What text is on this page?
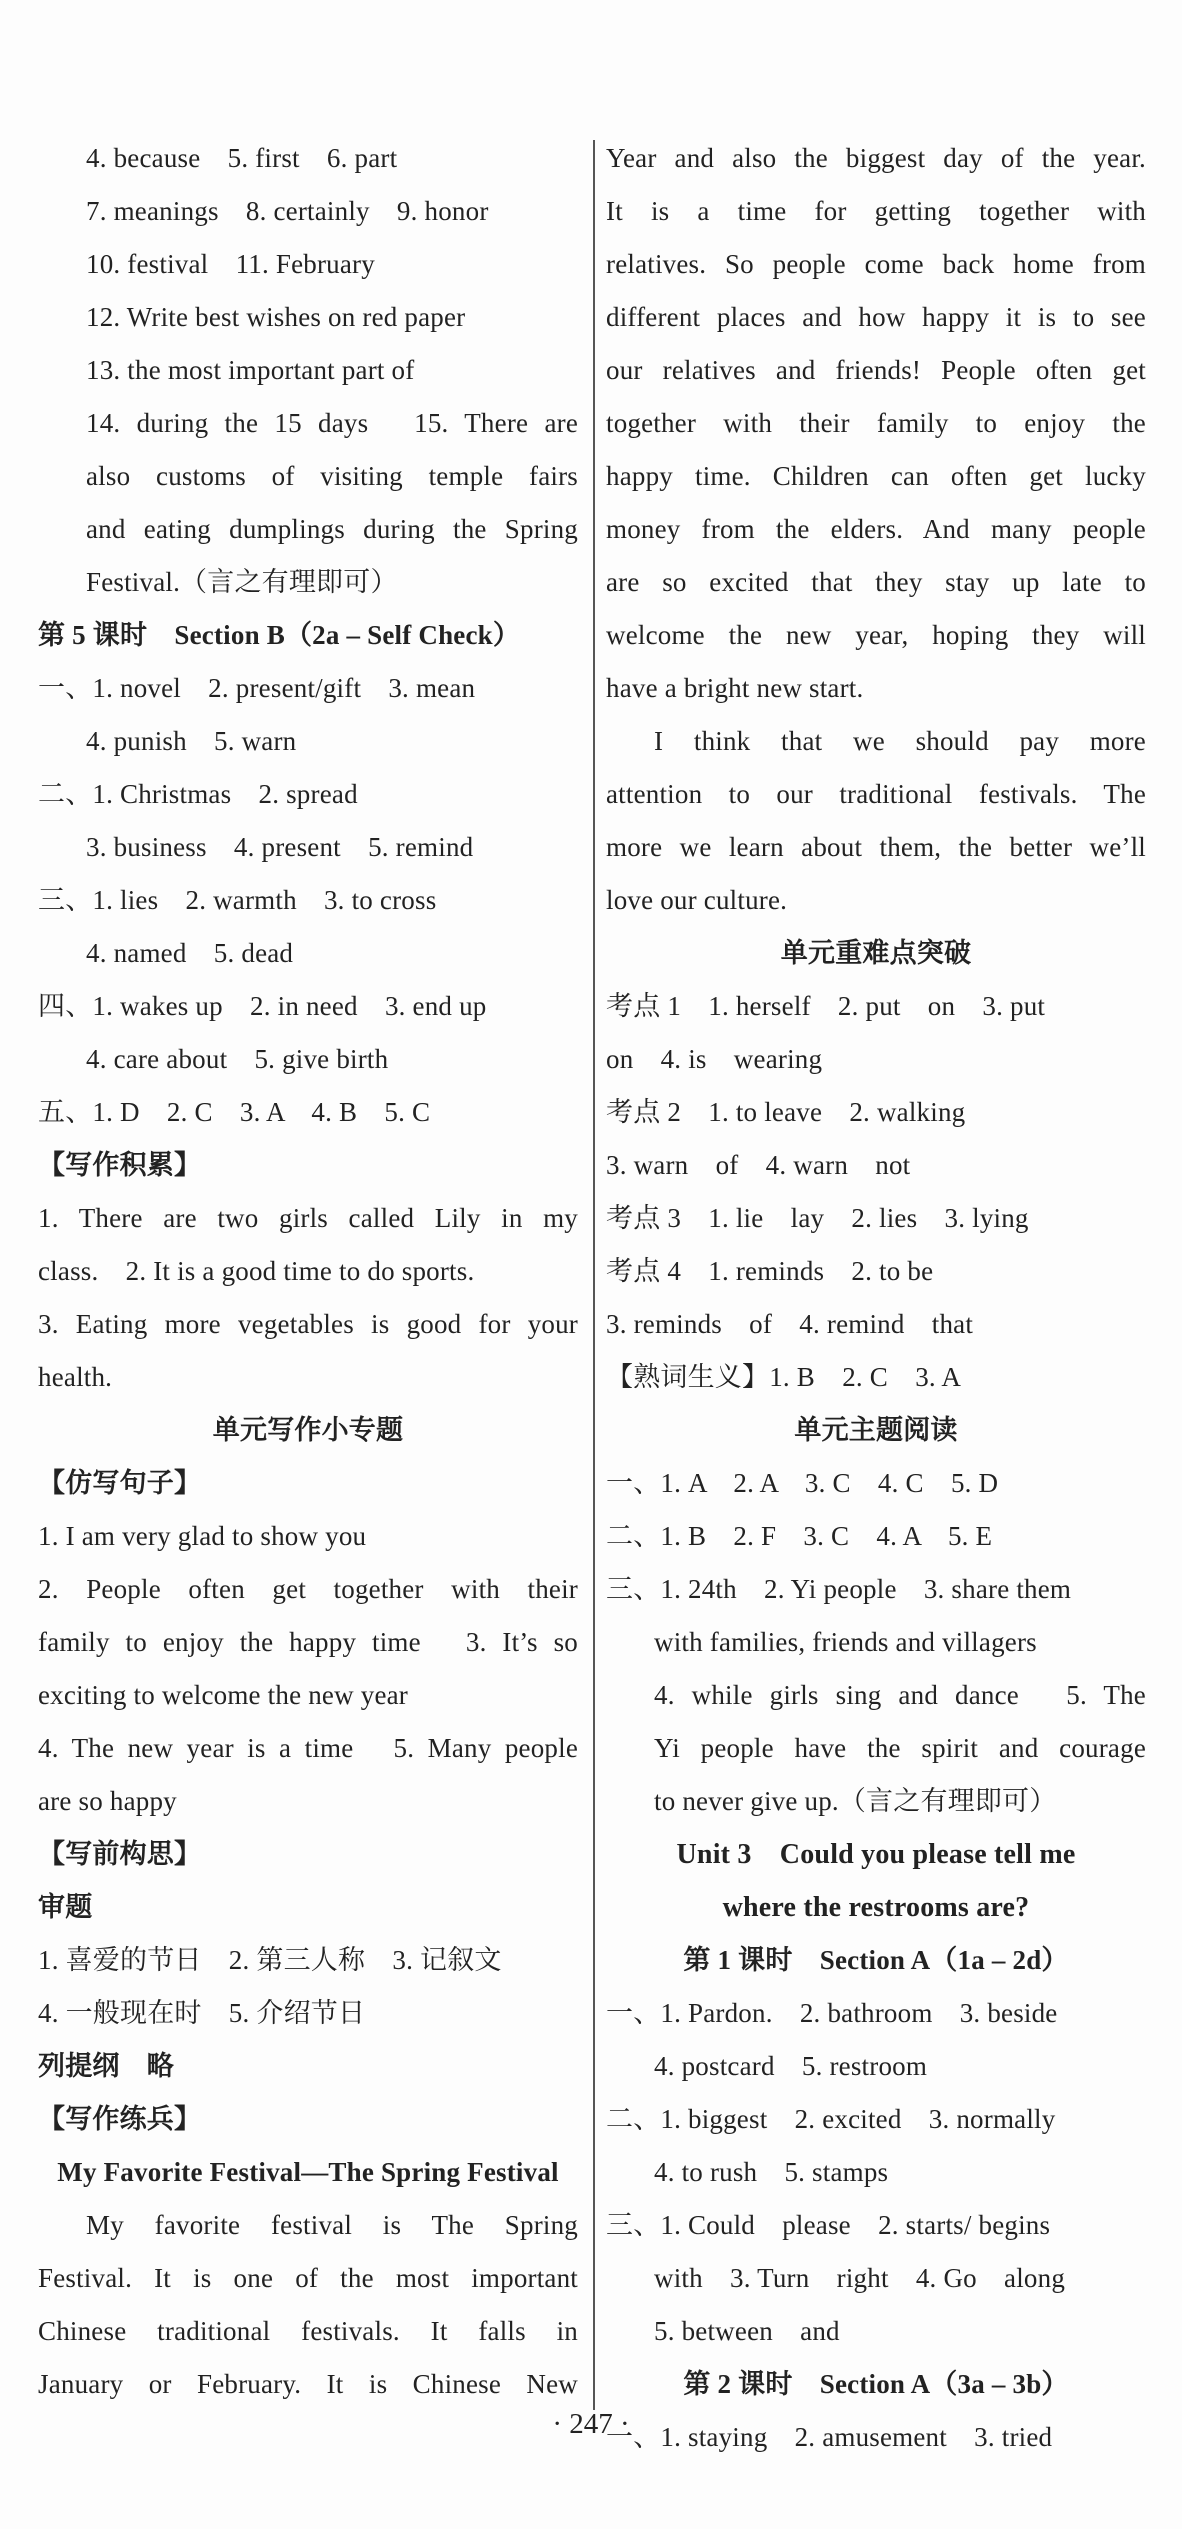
4. because　5. first　6. part
7. meanings　8. certainly　9. honor
10. festival　11. February
12. Write best wishes on red paper
13. the most important part of
14. during the 15 days　15. There are
also customs of visiting temple fairs
and eating dumplings during the Spring
Festival.（言之有理即可）
第 5 课时　Section B（2a – Self Check）
一、1. novel　2. present/gift　3. mean
4. punish　5. warn
二、1. Christmas　2. spread
3. business　4. present　5. remind
三、1. lies　2. warmth　3. to cross
4. named　5. dead
四、1. wakes up　2. in need　3. end up
4. care about　5. give birth
五、1. D　2. C　3. A　4. B　5. C
【写作积累】
1. There are two girls called Lily in my
class.　2. It is a good time to do sports.
3. Eating more vegetables is good for your
health.
单元写作小专题
【仿写句子】
1. I am very glad to show you
2. People often get together with their
family to enjoy the happy time　3. It’s so
exciting to welcome the new year
4. The new year is a time　5. Many people
are so happy
【写前构思】
审题
1. 喜爱的节日　2. 第三人称　3. 记叙文
4. 一般现在时　5. 介绍节日
列提纲　略
【写作练兵】
My Favorite Festival—The Spring Festival
My favorite festival is The Spring
Festival. It is one of the most important
Chinese traditional festivals. It falls in
January or February. It is Chinese New
Year and also the biggest day of the year.
It is a time for getting together with
relatives. So people come back home from
different places and how happy it is to see
our relatives and friends! People often get
together with their family to enjoy the
happy time. Children can often get lucky
money from the elders. And many people
are so excited that they stay up late to
welcome the new year, hoping they will
have a bright new start.
I think that we should pay more
attention to our traditional festivals. The
more we learn about them, the better we’ll
love our culture.
单元重难点突破
考点 1　1. herself　2. put　on　3. put
on　4. is　wearing
考点 2　1. to leave　2. walking
3. warn　of　4. warn　not
考点 3　1. lie　lay　2. lies　3. lying
考点 4　1. reminds　2. to be
3. reminds　of　4. remind　that
【熟词生义】1. B　2. C　3. A
单元主题阅读
一、1. A　2. A　3. C　4. C　5. D
二、1. B　2. F　3. C　4. A　5. E
三、1. 24th　2. Yi people　3. share them
with families, friends and villagers
4. while girls sing and dance　5. The
Yi people have the spirit and courage
to never give up.（言之有理即可）
Unit 3　Could you please tell me
where the restrooms are?
第 1 课时　Section A（1a – 2d）
一、1. Pardon.　2. bathroom　3. beside
4. postcard　5. restroom
二、1. biggest　2. excited　3. normally
4. to rush　5. stamps
三、1. Could　please　2. starts/ begins
with　3. Turn　right　4. Go　along
5. between　and
第 2 课时　Section A（3a – 3b）
一、1. staying　2. amusement　3. tried
· 247 ·
